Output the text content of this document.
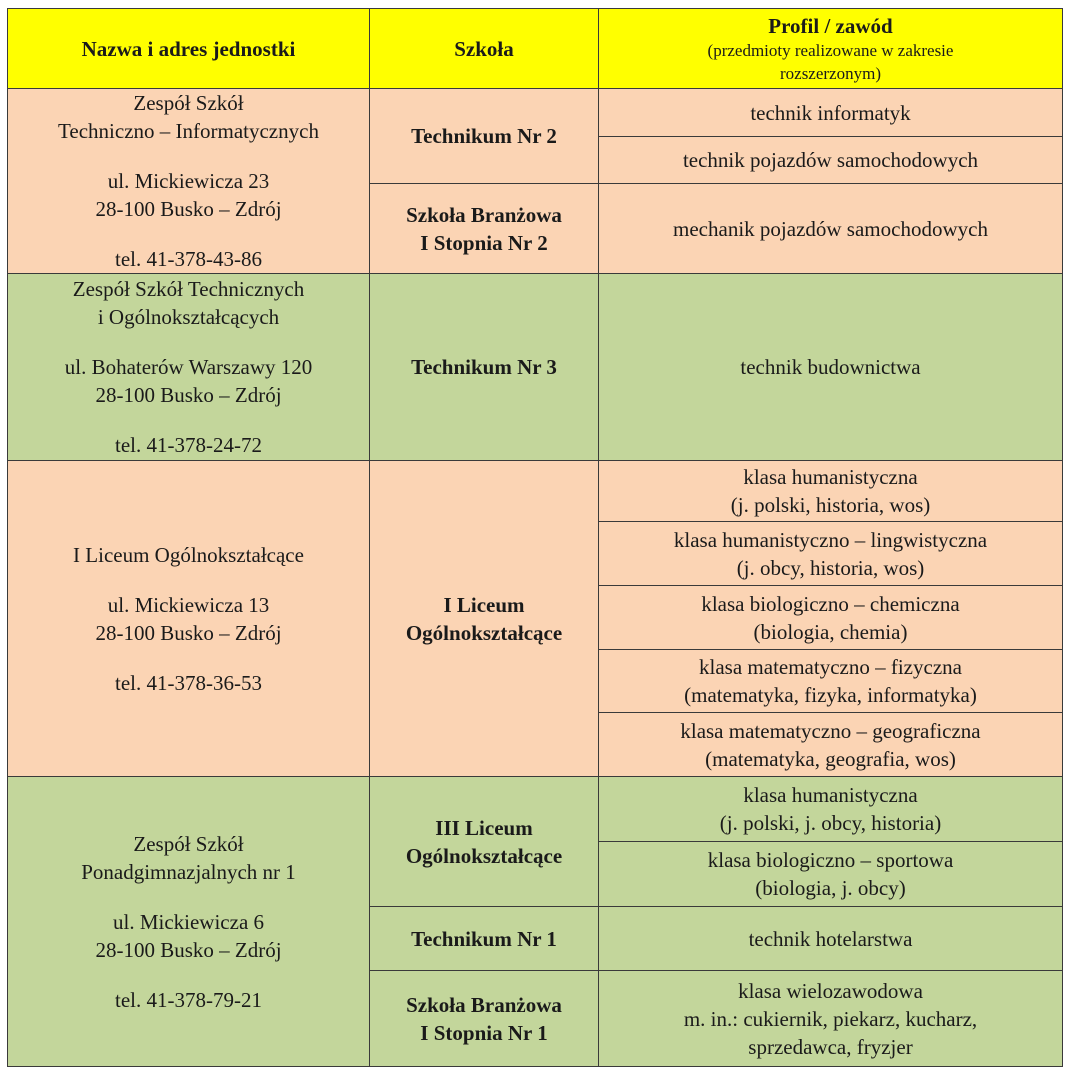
Nazwa i adres jednostki	Szkoła	Profil / zawód
(przedmioty realizowane w zakresie
rozszerzonym)

Zespół Szkół
Techniczno – Informatycznych
ul. Mickiewicza 23
28-100 Busko – Zdrój
tel. 41-378-43-86	Technikum Nr 2	technik informatyk
		technik pojazdów samochodowych

	Szkoła Branżowa
I Stopnia Nr 2	mechanik pojazdów samochodowych

Zespół Szkół Technicznych
i Ogólnokształcących
ul. Bohaterów Warszawy 120
28-100 Busko – Zdrój
tel. 41-378-24-72	Technikum Nr 3	technik budownictwa

I Liceum Ogólnokształcące
ul. Mickiewicza 13
28-100 Busko – Zdrój
tel. 41-378-36-53	I Liceum
Ogólnokształcące	klasa humanistyczna
(j. polski, historia, wos)

		klasa humanistyczno – lingwistyczna
(j. obcy, historia, wos)

		klasa biologiczno – chemiczna
(biologia, chemia)

		klasa matematyczno – fizyczna
(matematyka, fizyka, informatyka)

		klasa matematyczno – geograficzna
(matematyka, geografia, wos)

Zespół Szkół
Ponadgimnazjalnych nr 1
ul. Mickiewicza 6
28-100 Busko – Zdrój
tel. 41-378-79-21	III Liceum
Ogólnokształcące	klasa humanistyczna
(j. polski, j. obcy, historia)

		klasa biologiczno – sportowa
(biologia, j. obcy)

	Technikum Nr 1	technik hotelarstwa

	Szkoła Branżowa
I Stopnia Nr 1	klasa wielozawodowa
m. in.: cukiernik, piekarz, kucharz,
sprzedawca, fryzjer
